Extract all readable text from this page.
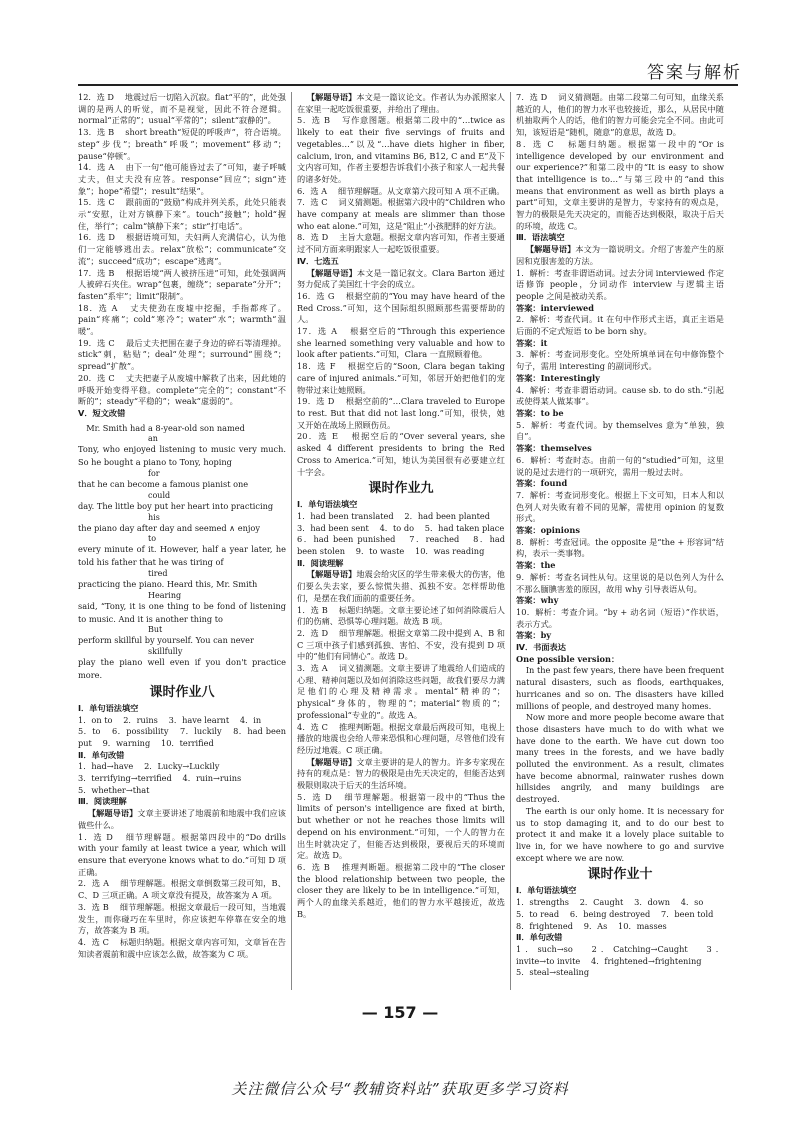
答案与解析

12．选 D 　地震过后一切陷入沉寂。flat“平的”，此处强调的是两人的听觉，而不是视觉，因此不符合逻辑。normal“正常的”；usual“平常的”；silent“寂静的”。

13．选 B 　short breath“短促的呼吸声”，符合语境。step“步伐”；breath“呼吸”；movement“移动”；pause“停顿”。

14．选 A 　由下一句“他可能昏过去了”可知，妻子呼喊丈夫，但丈夫没有应答。response“回应”；sign“迹象”；hope“希望”；result“结果”。

15．选 C 　跟前面的“鼓励”构成并列关系，此处只能表示“安慰，让对方镇静下来”。touch“接触”；hold“握住，举行”；calm“镇静下来”；stir“打电话”。

16．选 D 　根据语境可知，夫妇两人充满信心，认为他们一定能够逃出去。relax“放松”；communicate“交流”；succeed“成功”；escape“逃离”。

17．选 B 　根据语境“两人被挤压进”可知，此处强调两人被碎石夹住。wrap“包裹，缠绕”；separate“分开”；fasten“系牢”；limit“限制”。

18．选 A 　丈夫使劲在废墟中挖掘，手指都疼了。pain“疼痛”；cold“寒冷”；water“水”；warmth“温暖”。

19．选 C 　最后丈夫把围在妻子身边的碎石等清理掉。stick“刺，粘贴”；deal“处理”；surround“围绕”；spread“扩散”。

20．选 C 　丈夫把妻子从废墟中解救了出来，因此她的呼吸开始变得平稳。complete“完全的”；constant“不断的”；steady“平稳的”；weak“虚弱的”。

Ⅴ．短文改错

　Mr. Smith had a 8-year-old son named

an

Tony, who enjoyed listening to music very much. So he bought a piano to Tony, hoping

for

that he can become a famous pianist one

could

day. The little boy put her heart into practicing

his

the piano day after day and seemed ∧ enjoy

to

every minute of it. However, half a year later, he told his father that he was tiring of

tired

practicing the piano. Heard this, Mr. Smith

Hearing

said, “Tony, it is one thing to be fond of listening to music. And it is another thing to

But

perform skillful by yourself. You can never

skillfully

play the piano well even if you don't practice more.

课时作业八

Ⅰ．单句语法填空

1．on to 　2．ruins 　3．have learnt 　4．in

5．to 　6．possibility 　7．luckily 　8．had been put 　9．warning 　10．terrified

Ⅱ．单句改错

1．had→have 　2．Lucky→Luckily

3．terrifying→terrified 　4．ruin→ruins

5．whether→that

Ⅲ．阅读理解

【解题导语】文章主要讲述了地震前和地震中我们应该做些什么。

1．选 D 　细节理解题。根据第四段中的“Do drills with your family at least twice a year, which will ensure that everyone knows what to do.”可知 D 项正确。

2．选 A 　细节理解题。根据文章倒数第三段可知，B、C、D 三项正确。A 项文章没有提及，故答案为 A 项。

3．选 B 　细节理解题。根据文章最后一段可知，当地震发生，而你碰巧在车里时，你应该把车停靠在安全的地方，故答案为 B 项。

4．选 C 　标题归纳题。根据文章内容可知，文章旨在告知读者震前和震中应该怎么做，故答案为 C 项。

【解题导语】本文是一篇议论文。作者认为办派照家人在家里一起吃饭很重要，并给出了理由。

5．选 B 　写作意图题。根据第二段中的“…twice as likely to eat their five servings of fruits and vegetables…”以及“…have diets higher in fiber, calcium, iron, and vitamins B6, B12, C and E”及下文内容可知，作者主要想告诉我们小孩子和家人一起共餐的诸多好处。

6．选 A 　细节理解题。从文章第六段可知 A 项不正确。

7．选 C 　词义猜测题。根据第六段中的“Children who have company at meals are slimmer than those who eat alone.”可知，这是“阻止”小孩肥胖的好方法。

8．选 D 　主旨大意题。根据文章内容可知，作者主要通过不同方面来明跟家人一起吃饭很重要。

Ⅳ．七选五

【解题导语】本文是一篇记叙文。Clara Barton 通过努力促成了美国红十字会的成立。

16．选 G 　根据空前的“You may have heard of the Red Cross.”可知，这个国际组织照顾那些需要帮助的人。

17．选 A 　根据空后的“Through this experience she learned something very valuable and how to look after patients.”可知，Clara 一直照顾着他。

18．选 F 　根据空后的“Soon, Clara began taking care of injured animals.”可知，邻居开始把他们的宠物带过来让她照顾。

19．选 D 　根据空前的“…Clara traveled to Europe to rest. But that did not last long.”可知，很快，她又开始在战场上照顾伤员。

20．选 E 　根据空后的“Over several years, she asked 4 different presidents to bring the Red Cross to America.”可知，她认为美国很有必要建立红十字会。

课时作业九

Ⅰ．单句语法填空

1．had been translated 　2．had been planted

3．had been sent 　4．to do 　5．had taken place

6．had been punished 　7．reached 　8．had been stolen 　9．to waste 　10．was reading

Ⅱ．阅读理解

【解题导语】地震会给灾区的学生带来极大的伤害，他们要么失去家，要么惊慌失措、孤独不安。怎样帮助他们，是摆在我们面前的重要任务。

1．选 B 　标题归纳题。文章主要论述了如何消除震后人们的伤痛、恐惧等心理问题。故选 B 项。

2．选 D 　细节理解题。根据文章第二段中提到 A、B 和 C 三项中孩子们感到孤独、害怕、不安，没有提到 D 项中的“他们有同情心”。故选 D。

3．选 A 　词义猜测题。文章主要讲了地震给人们造成的心理、精神问题以及如何消除这些问题，故我们要尽力满足他们的心理及精神需求。mental“精神的”；physical“身体的，物理的”；material“物质的”；professional“专业的”。故选 A。

4．选 C 　推理判断题。根据文章最后两段可知，电视上播放的地震也会给人带来恐惧和心理问题，尽管他们没有经历过地震。C 项正确。

【解题导语】文章主要讲的是人的智力。许多专家现在持有的观点是：智力的极限是由先天决定的，但能否达到极限则取决于后天的生活环境。

5．选 D 　细节理解题。根据第一段中的“Thus the limits of person's intelligence are fixed at birth, but whether or not he reaches those limits will depend on his environment.”可知，一个人的智力在出生时就决定了，但能否达到极限，要视后天的环境而定。故选 D。

6．选 B 　推理判断题。根据第二段中的“The closer the blood relationship between two people, the closer they are likely to be in intelligence.”可知，两个人的血缘关系越近，他们的智力水平越接近，故选 B。

7．选 D 　词义猜测题。由第二段第二句可知，血缘关系越近的人，他们的智力水平也较接近，那么，从居民中随机抽取两个人的话，他们的智力可能会完全不同。由此可知，该短语是“随机，随意”的意思，故选 D。

8．选 C 　标题归纳题。根据第一段中的“Or is intelligence developed by our environment and our experience?”和第二段中的“It is easy to show that intelligence is to…”与第三段中的“and this means that environment as well as birth plays a part”可知，文章主要讲的是智力，专家持有的观点是，智力的极限是先天决定的，而能否达到极限，取决于后天的环境，故选 C。

Ⅲ．语法填空

【解题导语】本文为一篇说明文。介绍了害羞产生的原因和克服害羞的方法。

1．解析：考查非谓语动词。过去分词 interviewed 作定语修饰 people，分词动作 interview 与逻辑主语 people 之间是被动关系。

答案：interviewed

2．解析：考查代词。it 在句中作形式主语，真正主语是后面的不定式短语 to be born shy。

答案：it

3．解析：考查词形变化。空处所填单词在句中修饰整个句子，需用 interesting 的副词形式。

答案：Interestingly

4．解析：考查非谓语动词。cause sb. to do sth.“引起或使得某人做某事”。

答案：to be

5．解析：考查代词。by themselves 意为“单独，独自”。

答案：themselves

6．解析：考查时态。由前一句的“studied”可知，这里说的是过去进行的一项研究，需用一般过去时。

答案：found

7．解析：考查词形变化。根据上下文可知，日本人和以色列人对失败有着不同的见解，需使用 opinion 的复数形式。

答案：opinions

8．解析：考查冠词。the opposite 是“the + 形容词”结构，表示一类事物。

答案：the

9．解析：考查名词性从句。这里说的是以色列人为什么不那么腼腆害羞的原因，故用 why 引导表语从句。

答案：why

10．解析：考查介词。“by + 动名词（短语）”作状语，表示方式。

答案：by

Ⅳ．书面表达

One possible version：

In the past few years, there have been frequent natural disasters, such as floods, earthquakes, hurricanes and so on. The disasters have killed millions of people, and destroyed many homes.

Now more and more people become aware that those disasters have much to do with what we have done to the earth. We have cut down too many trees in the forests, and we have badly polluted the environment. As a result, climates have become abnormal, rainwater rushes down hillsides angrily, and many buildings are destroyed.

The earth is our only home. It is necessary for us to stop damaging it, and to do our best to protect it and make it a lovely place suitable to live in, for we have nowhere to go and survive except where we are now.

课时作业十

Ⅰ．单句语法填空

1．strengths 　2．Caught 　3．down 　4．so

5．to read 　6．being destroyed 　7．been told

8．frightened 　9．As 　10．masses

Ⅱ．单句改错

1．such→so 　2．Catching→Caught 　3．invite→to invite 　4．frightened→frightening

5．steal→stealing

— 157 —
关注微信公众号“教辅资料站”获取更多学习资料
